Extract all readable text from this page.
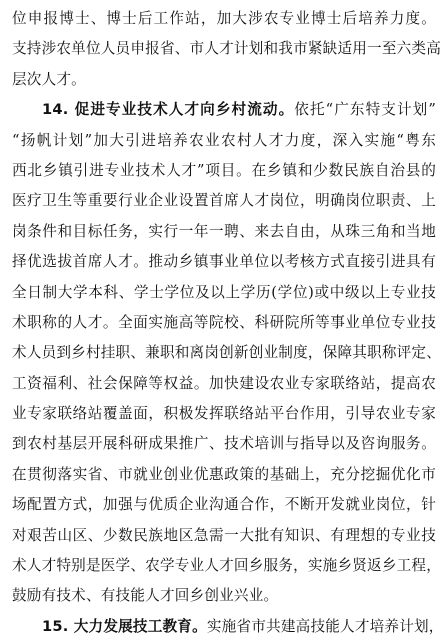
位申报博士、博士后工作站，加大涉农专业博士后培养力度。
支持涉农单位人员申报省、市人才计划和我市紧缺适用一至六类高
层次人才。
14. 促进专业技术人才向乡村流动。依托“广东特支计划”
“扬帆计划”加大引进培养农业农村人才力度，深入实施“粤东
西北乡镇引进专业技术人才”项目。在乡镇和少数民族自治县的
医疗卫生等重要行业企业设置首席人才岗位，明确岗位职责、上
岗条件和目标任务，实行一年一聘、来去自由，从珠三角和当地
择优选拔首席人才。推动乡镇事业单位以考核方式直接引进具有
全日制大学本科、学士学位及以上学历(学位)或中级以上专业技
术职称的人才。全面实施高等院校、科研院所等事业单位专业技
术人员到乡村挂职、兼职和离岗创新创业制度，保障其职称评定、
工资福利、社会保障等权益。加快建设农业专家联络站，提高农
业专家联络站覆盖面，积极发挥联络站平台作用，引导农业专家
到农村基层开展科研成果推广、技术培训与指导以及咨询服务。
在贯彻落实省、市就业创业优惠政策的基础上，充分挖掘优化市
场配置方式，加强与优质企业沟通合作，不断开发就业岗位，针
对艰苦山区、少数民族地区急需一大批有知识、有理想的专业技
术人才特别是医学、农学专业人才回乡服务，实施乡贤返乡工程，
鼓励有技术、有技能人才回乡创业兴业。
15. 大力发展技工教育。实施省市共建高技能人才培养计划，
